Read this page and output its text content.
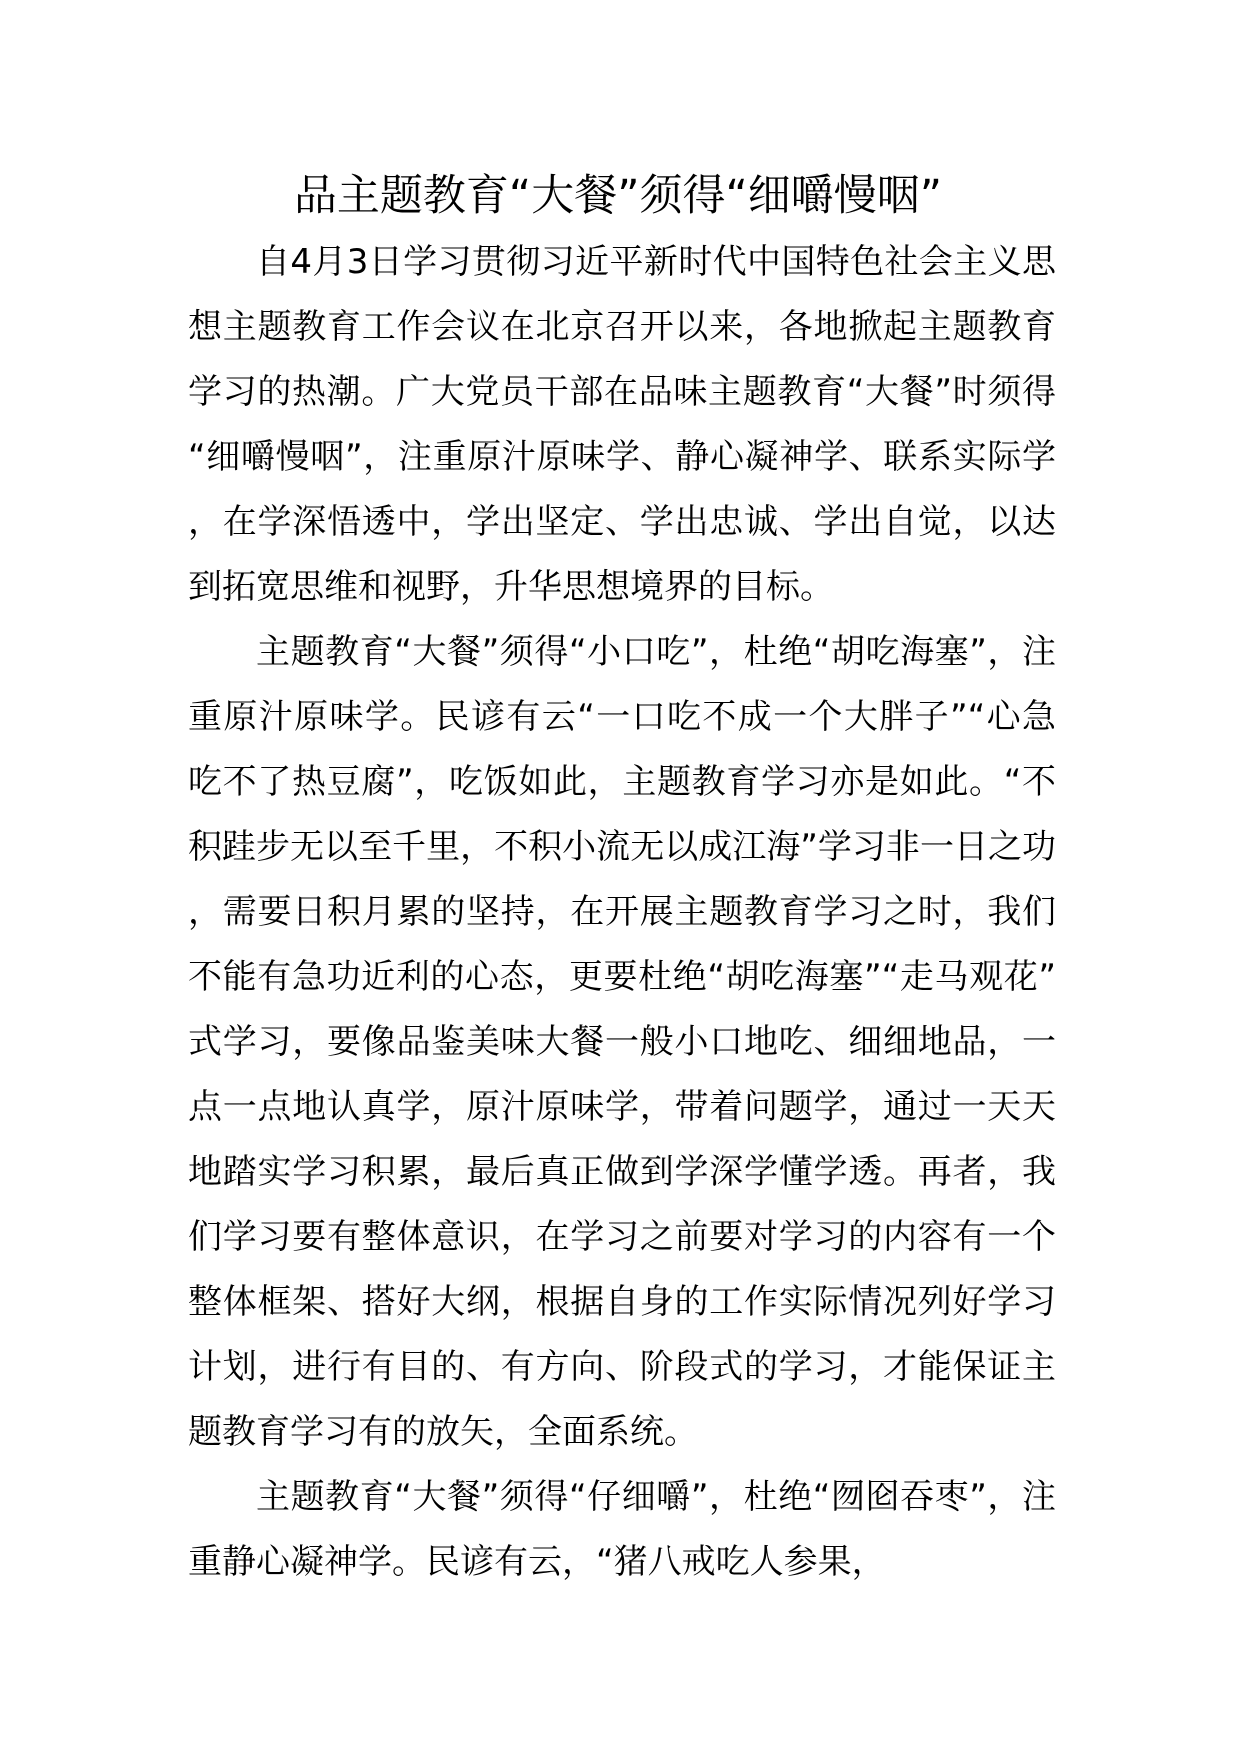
品主题教育“大餐”须得“细嚼慢咽”

自4月3日学习贯彻习近平新时代中国特色社会主义思想主题教育工作会议在北京召开以来，各地掀起主题教育学习的热潮。广大党员干部在品味主题教育“大餐”时须得“细嚼慢咽”，注重原汁原味学、静心凝神学、联系实际学，在学深悟透中，学出坚定、学出忠诚、学出自觉，以达到拓宽思维和视野，升华思想境界的目标。

主题教育“大餐”须得“小口吃”，杜绝“胡吃海塞”，注重原汁原味学。民谚有云“一口吃不成一个大胖子”“心急吃不了热豆腐”，吃饭如此，主题教育学习亦是如此。“不积跬步无以至千里，不积小流无以成江海”学习非一日之功，需要日积月累的坚持，在开展主题教育学习之时，我们不能有急功近利的心态，更要杜绝“胡吃海塞”“走马观花”式学习，要像品鉴美味大餐一般小口地吃、细细地品，一点一点地认真学，原汁原味学，带着问题学，通过一天天地踏实学习积累，最后真正做到学深学懂学透。再者，我们学习要有整体意识，在学习之前要对学习的内容有一个整体框架、搭好大纲，根据自身的工作实际情况列好学习计划，进行有目的、有方向、阶段式的学习，才能保证主题教育学习有的放矢，全面系统。

主题教育“大餐”须得“仔细嚼”，杜绝“囫囵吞枣”，注重静心凝神学。民谚有云，“猪八戒吃人参果，
